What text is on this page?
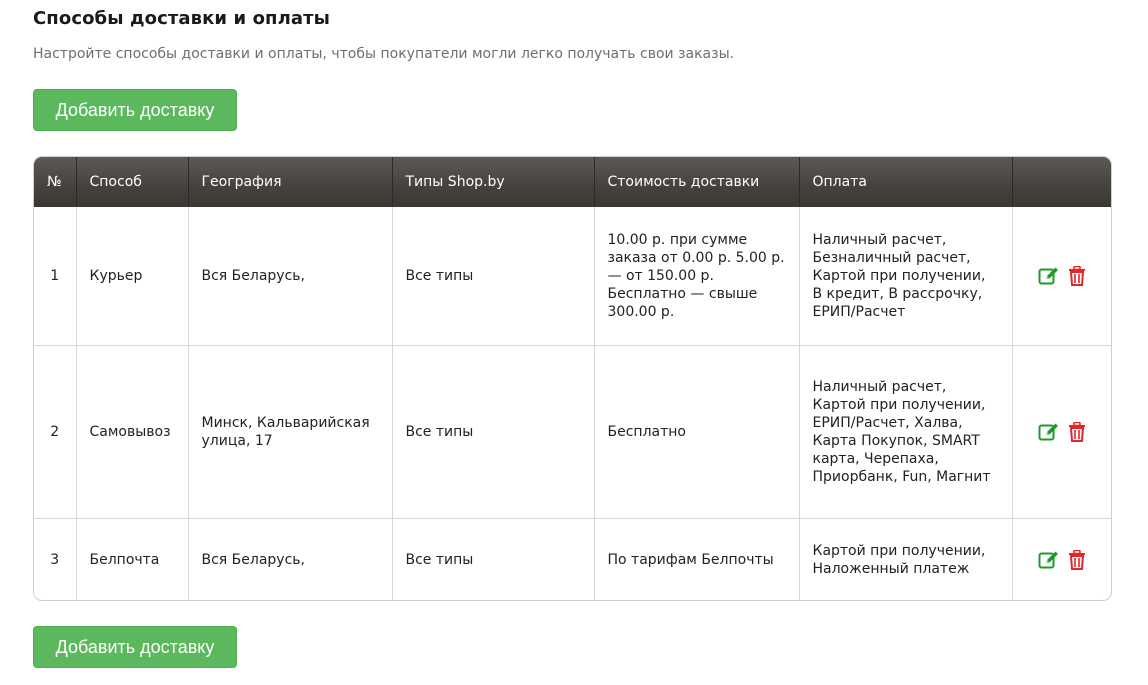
Способы доставки и оплаты
Настройте способы доставки и оплаты, чтобы покупатели могли легко получать свои заказы.
Добавить доставку
№	Способ	География	Типы Shop.by	Стоимость доставки	Оплата	
1	Курьер	Вся Беларусь,	Все типы	10.00 р. при сумме заказа от 0.00 р. 5.00 р. — от 150.00 р. Бесплатно — свыше 300.00 р.	Наличный расчет, Безналичный расчет, Картой при получении, В кредит, В рассрочку, ЕРИП/Расчет	

2	Самовывоз	Минск, Кальварийская улица, 17	Все типы	Бесплатно	Наличный расчет, Картой при получении, ЕРИП/Расчет, Халва, Карта Покупок, SMART карта, Черепаха, Приорбанк, Fun, Магнит	

3	Белпочта	Вся Беларусь,	Все типы	По тарифам Белпочты	Картой при получении, Наложенный платеж	

Добавить доставку
